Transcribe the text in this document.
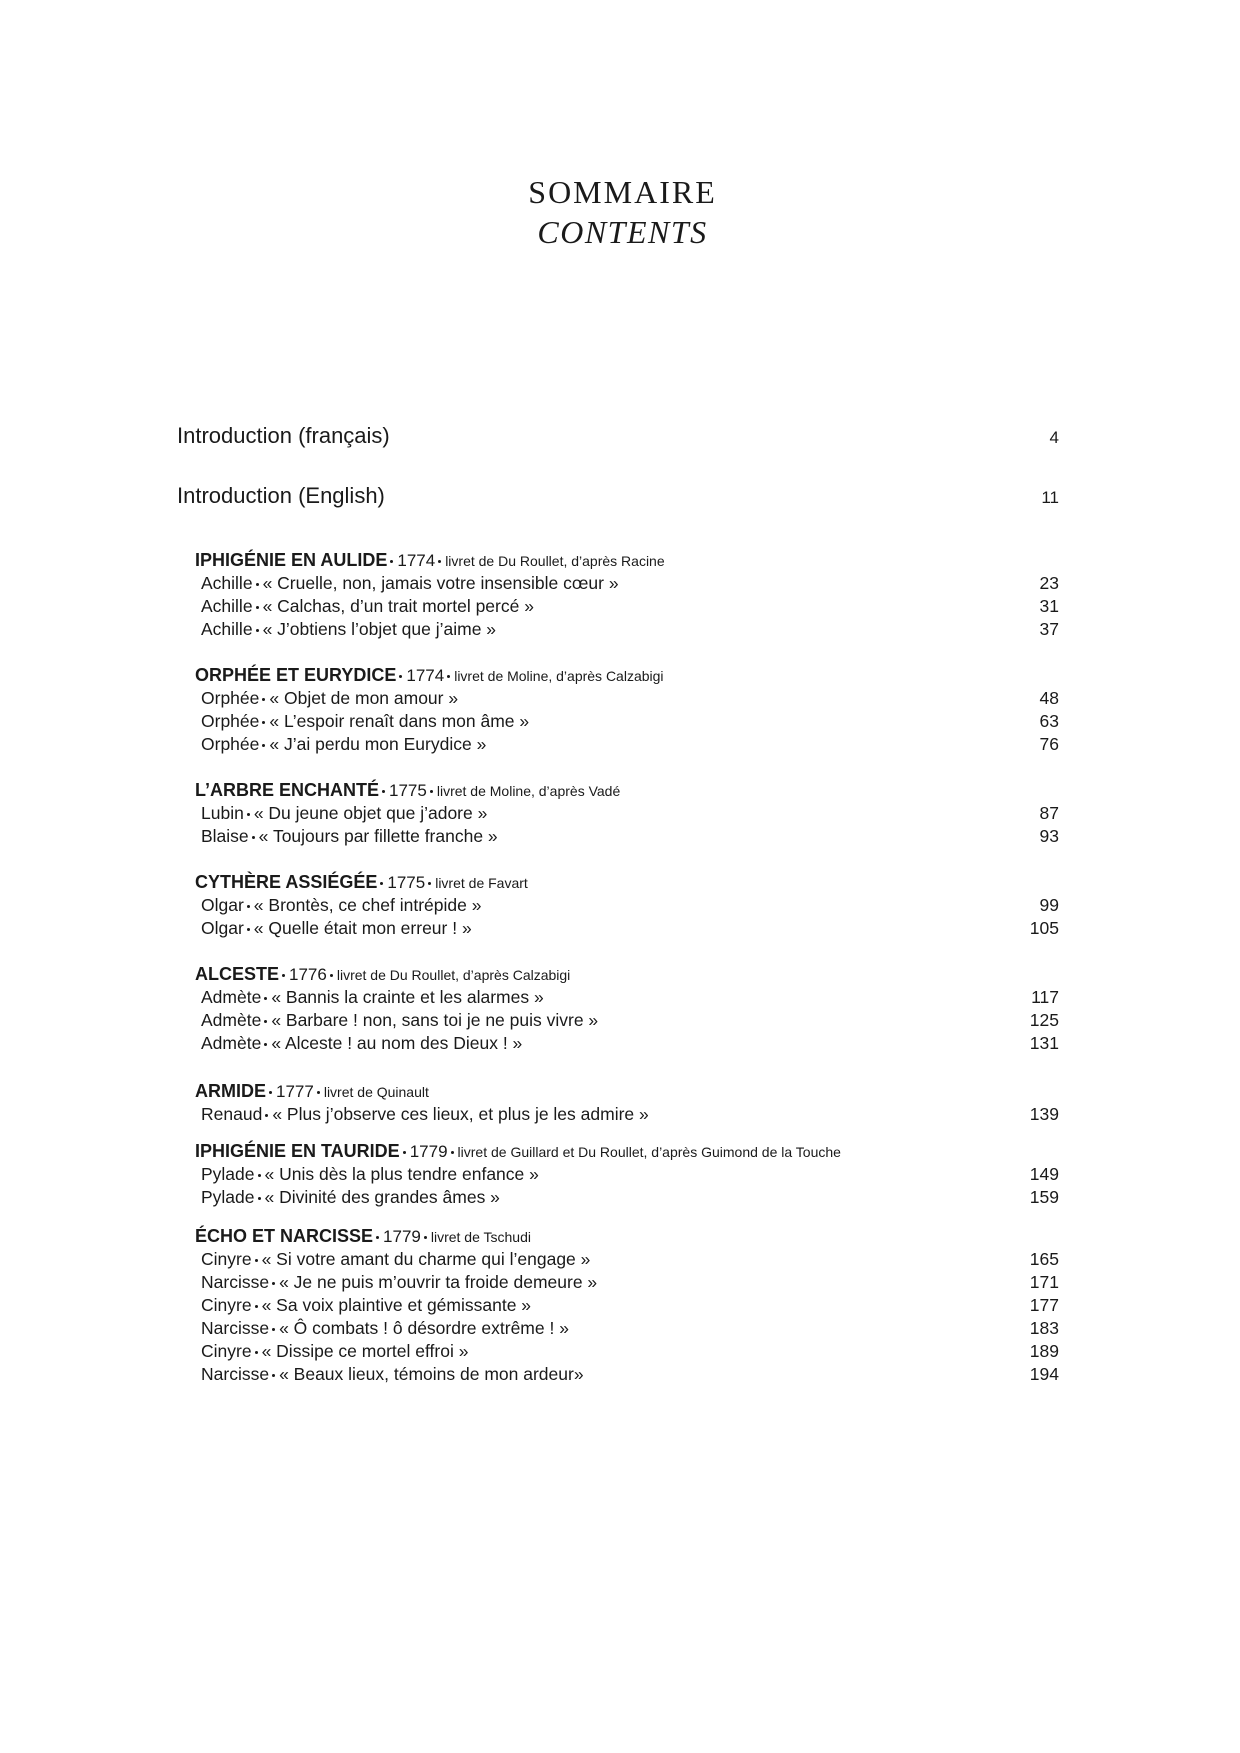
SOMMAIRE
CONTENTS
Introduction (français)	4
Introduction (English)	11
IPHIGÉNIE EN AULIDE 1774 livret de Du Roullet, d’après Racine
Achille « Cruelle, non, jamais votre insensible cœur »	23
Achille « Calchas, d’un trait mortel percé »	31
Achille « J’obtiens l’objet que j’aime »	37
ORPHÉE ET EURYDICE 1774 livret de Moline, d’après Calzabigi
Orphée « Objet de mon amour »	48
Orphée « L’espoir renaît dans mon âme »	63
Orphée « J’ai perdu mon Eurydice »	76
L’ARBRE ENCHANTÉ 1775 livret de Moline, d’après Vadé
Lubin « Du jeune objet que j’adore »	87
Blaise « Toujours par fillette franche »	93
CYTHÈRE ASSIÉGÉE 1775 livret de Favart
Olgar « Brontès, ce chef intrépide »	99
Olgar « Quelle était mon erreur ! »	105
ALCESTE 1776 livret de Du Roullet, d’après Calzabigi
Admète « Bannis la crainte et les alarmes »	117
Admète « Barbare ! non, sans toi je ne puis vivre »	125
Admète « Alceste ! au nom des Dieux ! »	131
ARMIDE 1777 livret de Quinault
Renaud « Plus j’observe ces lieux, et plus je les admire »	139
IPHIGÉNIE EN TAURIDE 1779 livret de Guillard et Du Roullet, d’après Guimond de la Touche
Pylade « Unis dès la plus tendre enfance »	149
Pylade « Divinité des grandes âmes »	159
ÉCHO ET NARCISSE 1779 livret de Tschudi
Cinyre « Si votre amant du charme qui l’engage »	165
Narcisse « Je ne puis m’ouvrir ta froide demeure »	171
Cinyre « Sa voix plaintive et gémissante »	177
Narcisse « Ô combats ! ô désordre extrême ! »	183
Cinyre « Dissipe ce mortel effroi »	189
Narcisse « Beaux lieux, témoins de mon ardeur»	194
